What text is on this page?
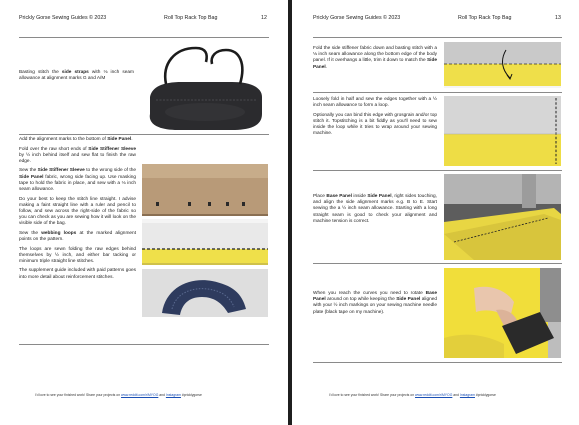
Prickly Gorse Sewing Guides © 2023	Roll Top Rack Top Bag	12

Basting stitch the side straps with ⅛ inch seam allowance at alignment marks G and A/M

Add the alignment marks to the bottom of Side Panel.

Fold over the raw short ends of Side Stiffener Sleeve by ½ inch behind itself and sew flat to finish the raw edge.

Sew the Side Stiffener Sleeve to the wrong side of the Side Panel fabric, wrong side facing up. Use masking tape to hold the fabric in place, and sew with a ⅛ inch seam allowance.

Do your best to keep the stitch line straight. I advise making a faint straight line with a ruler and pencil to follow, and sew across the right-side of the fabric so you can check as you are sewing how it will look on the visible side of the bag.

Sew the webbing loops at the marked alignment points on the pattern.

The loops are sewn folding the raw edges behind themselves by ½ inch, and either bar tacking or minimum triple straight line stitches.

The supplement guide included with paid patterns goes into more detail about reinforcement stitches.

I'd love to see your finished work! Share your projects on www.reddit.com/r/MYOG and Instagram #pricklygorse
Prickly Gorse Sewing Guides © 2023	Roll Top Rack Top Bag	13

Fold the side stiffener fabric down and basting stitch with a ⅛ inch seam allowance along the bottom edge of the body panel. If it overhangs a little, trim it down to match the Side Panel.

Loosely fold in half and sew the edges together with a ½ inch seam allowance to form a loop.

Optionally you can bind this edge with grosgrain and/or top stitch it. Topstitching is a bit fiddly as you'll need to sew inside the loop while it tries to wrap around your sewing machine.

Place Base Panel inside Side Panel, right sides touching, and align the side alignment marks e.g. B to E. Start sewing the a ½ inch seam allowance. Starting with a long straight seam is good to check your alignment and machine tension is correct.

When you reach the curves you need to rotate Base Panel around on top while keeping the Side Panel aligned with your ½ inch markings on your sewing machine needle plate (black tape on my machine).

I'd love to see your finished work! Share your projects on www.reddit.com/r/MYOG and Instagram #pricklygorse
